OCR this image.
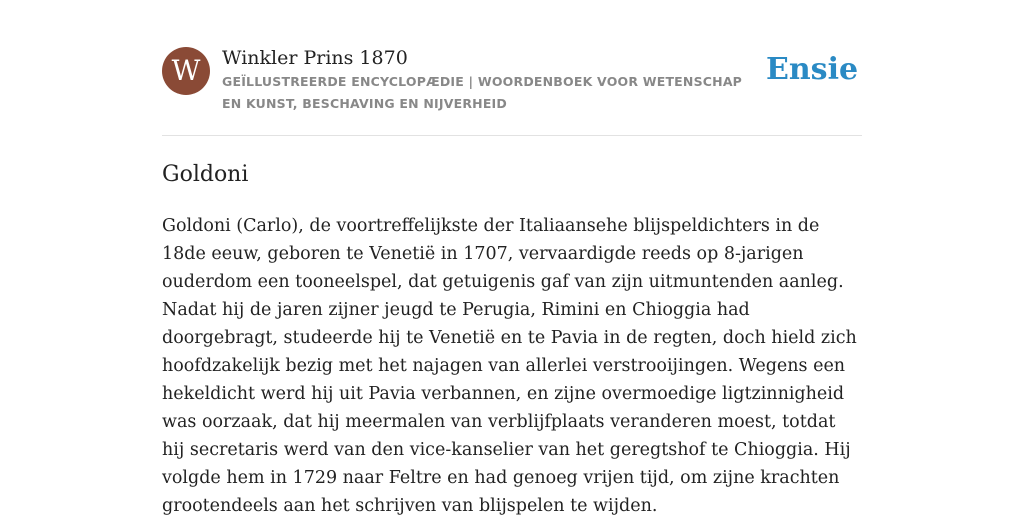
W	Winkler Prins 1870
GEÏLLUSTREERDE ENCYCLOPÆDIE | WOORDENBOEK VOOR WETENSCHAP EN KUNST, BESCHAVING EN NIJVERHEID
Ensie
Goldoni

Goldoni (Carlo), de voortreffelijkste der Italiaansehe blijspeldichters in de 18de eeuw, geboren te Venetië in 1707, vervaardigde reeds op 8-jarigen ouderdom een tooneelspel, dat getuigenis gaf van zijn uitmuntenden aanleg. Nadat hij de jaren zijner jeugd te Perugia, Rimini en Chioggia had doorgebragt, studeerde hij te Venetië en te Pavia in de regten, doch hield zich hoofdzakelijk bezig met het najagen van allerlei verstrooijingen. Wegens een hekeldicht werd hij uit Pavia verbannen, en zijne overmoedige ligtzinnigheid was oorzaak, dat hij meermalen van verblijfplaats veranderen moest, totdat hij secretaris werd van den vice-kanselier van het geregtshof te Chioggia. Hij volgde hem in 1729 naar Feltre en had genoeg vrijen tijd, om zijne krachten grootendeels aan het schrijven van blijspelen te wijden.
